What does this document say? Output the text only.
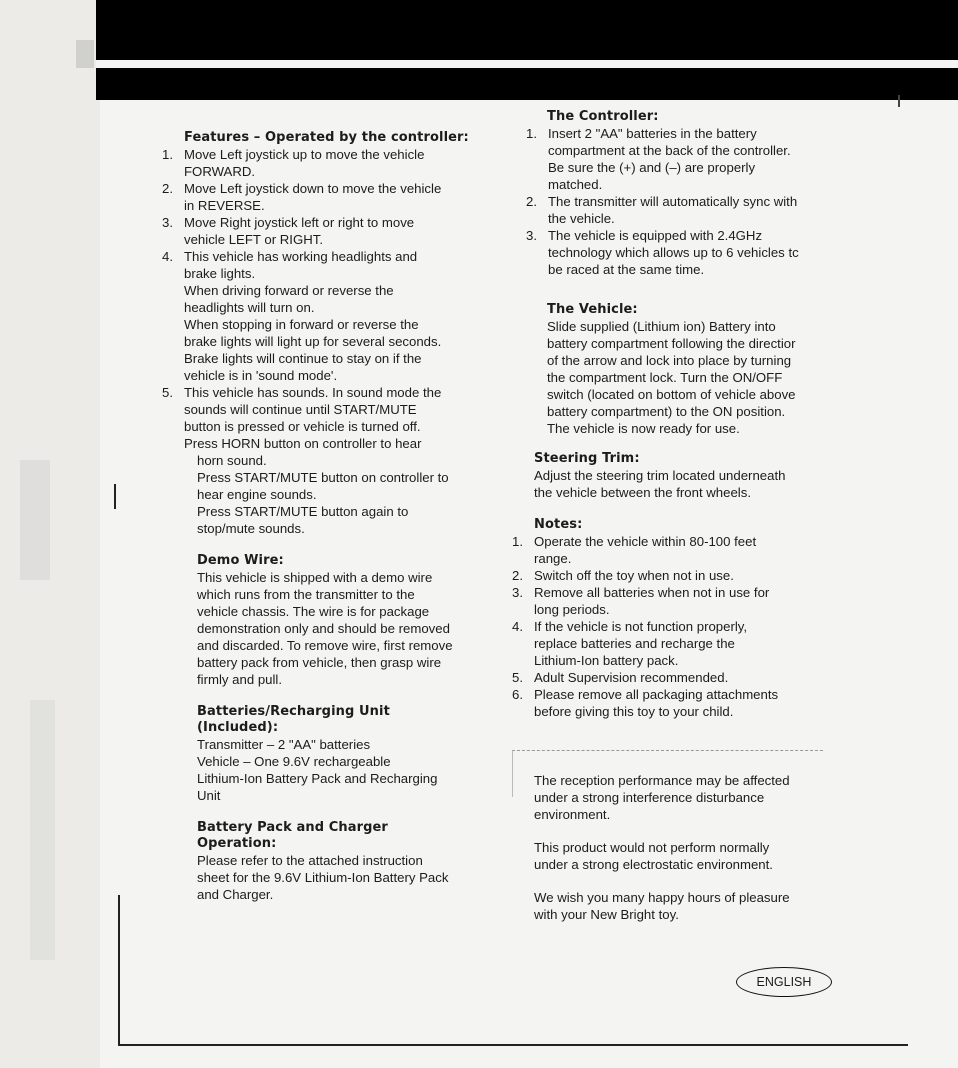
Features – Operated by the controller:
1. Move Left joystick up to move the vehicle
FORWARD.
2. Move Left joystick down to move the vehicle
in REVERSE.
3. Move Right joystick left or right to move
vehicle LEFT or RIGHT.
4. This vehicle has working headlights and
brake lights.
When driving forward or reverse the
headlights will turn on.
When stopping in forward or reverse the
brake lights will light up for several seconds.
Brake lights will continue to stay on if the
vehicle is in 'sound mode'.
5. This vehicle has sounds. In sound mode the
sounds will continue until START/MUTE
button is pressed or vehicle is turned off.
Press HORN button on controller to hear
horn sound.
Press START/MUTE button on controller to
hear engine sounds.
Press START/MUTE button again to
stop/mute sounds.
Demo Wire:
This vehicle is shipped with a demo wire
which runs from the transmitter to the
vehicle chassis. The wire is for package
demonstration only and should be removed
and discarded. To remove wire, first remove
battery pack from vehicle, then grasp wire
firmly and pull.
Batteries/Recharging Unit (Included):
Transmitter – 2 "AA" batteries
Vehicle – One 9.6V rechargeable
Lithium-Ion Battery Pack and Recharging
Unit
Battery Pack and Charger Operation:
Please refer to the attached instruction
sheet for the 9.6V Lithium-Ion Battery Pack
and Charger.
The Controller:
1. Insert 2 "AA" batteries in the battery
compartment at the back of the controller.
Be sure the (+) and (–) are properly
matched.
2. The transmitter will automatically sync with
the vehicle.
3. The vehicle is equipped with 2.4GHz
technology which allows up to 6 vehicles tc
be raced at the same time.
The Vehicle:
Slide supplied (Lithium ion) Battery into
battery compartment following the directior
of the arrow and lock into place by turning
the compartment lock. Turn the ON/OFF
switch (located on bottom of vehicle above
battery compartment) to the ON position.
The vehicle is now ready for use.
Steering Trim:
Adjust the steering trim located underneath
the vehicle between the front wheels.
Notes:
1. Operate the vehicle within 80-100 feet
range.
2. Switch off the toy when not in use.
3. Remove all batteries when not in use for
long periods.
4. If the vehicle is not function properly,
replace batteries and recharge the
Lithium-Ion battery pack.
5. Adult Supervision recommended.
6. Please remove all packaging attachments
before giving this toy to your child.
The reception performance may be affected
under a strong interference disturbance
environment.
This product would not perform normally
under a strong electrostatic environment.
We wish you many happy hours of pleasure
with your New Bright toy.
ENGLISH
